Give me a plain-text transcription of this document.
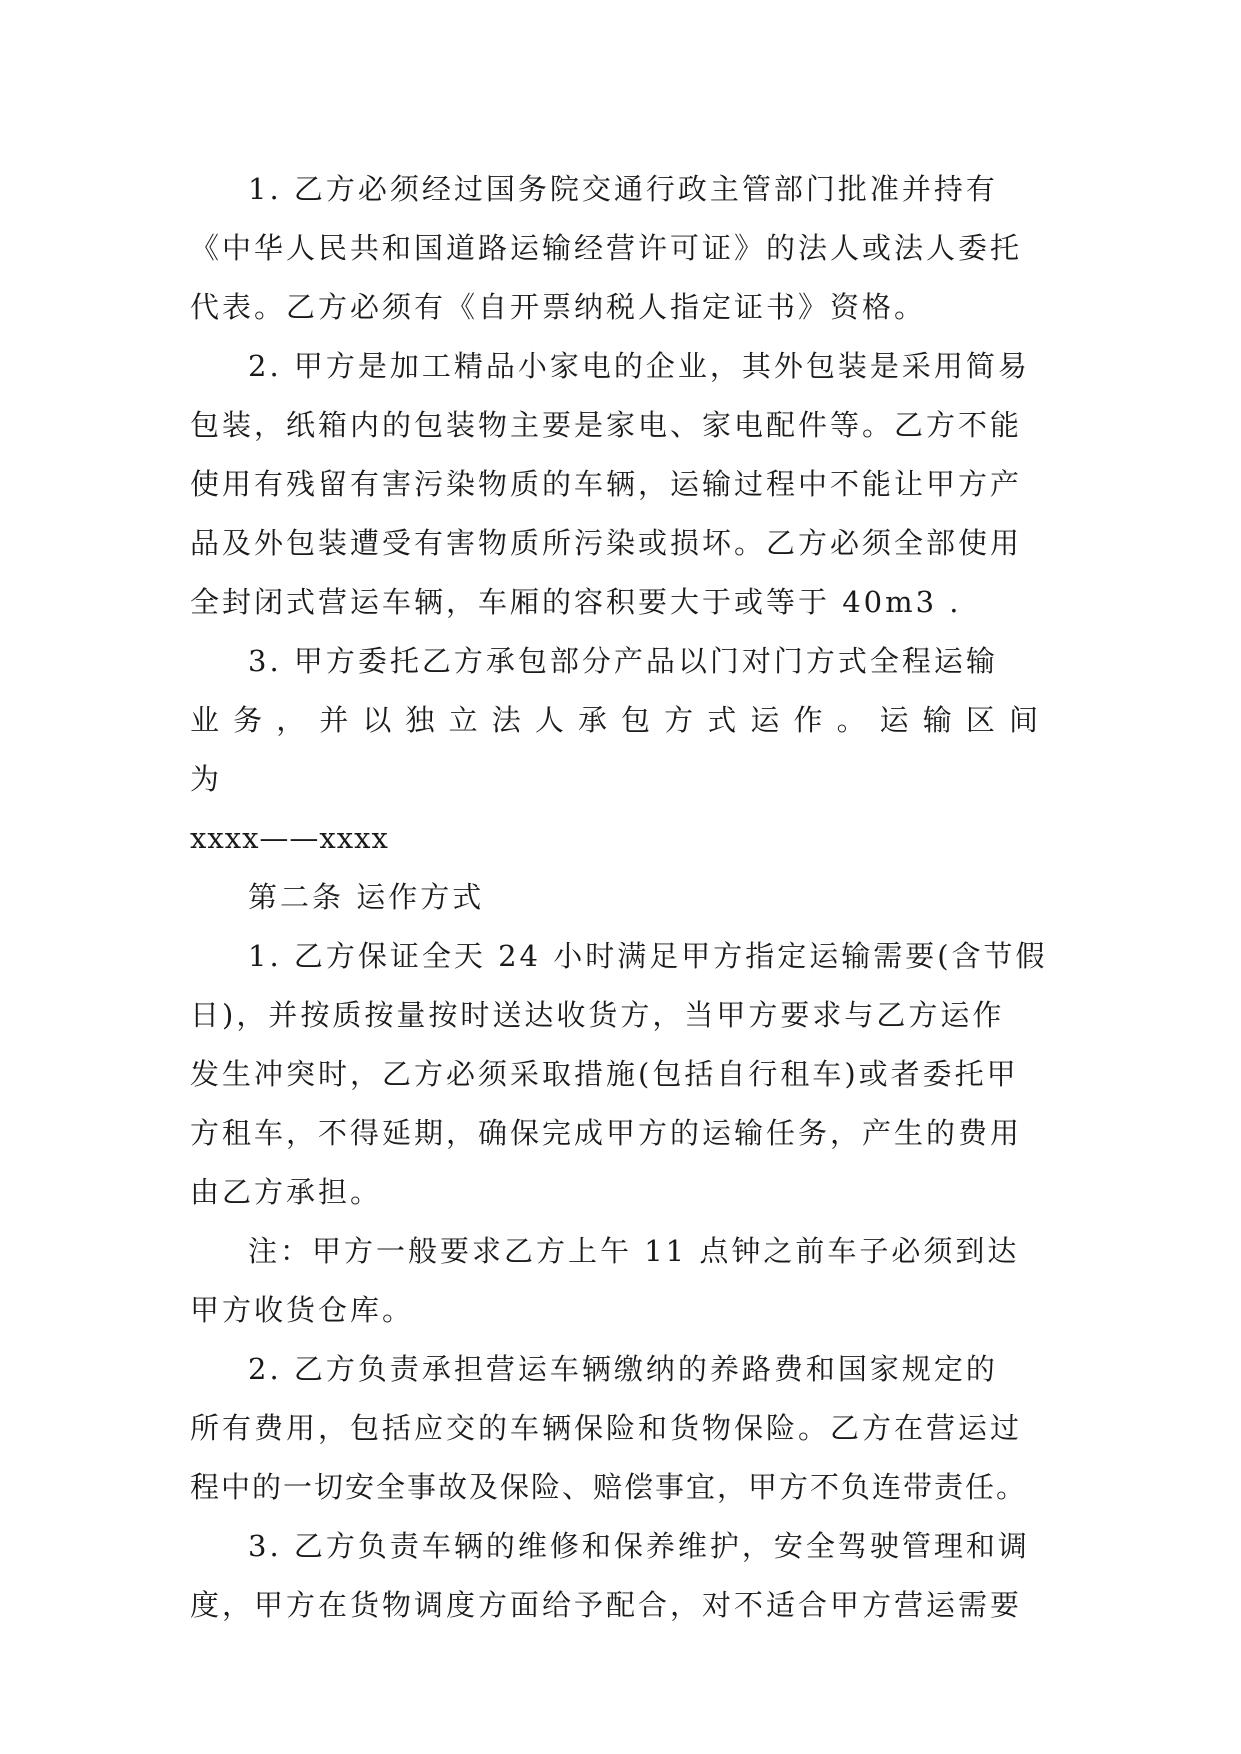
1. 乙方必须经过国务院交通行政主管部门批准并持有
《中华人民共和国道路运输经营许可证》的法人或法人委托
代表。乙方必须有《自开票纳税人指定证书》资格。

2. 甲方是加工精品小家电的企业，其外包装是采用简易
包装，纸箱内的包装物主要是家电、家电配件等。乙方不能
使用有残留有害污染物质的车辆，运输过程中不能让甲方产
品及外包装遭受有害物质所污染或损坏。乙方必须全部使用
全封闭式营运车辆，车厢的容积要大于或等于 40m3 .

3. 甲方委托乙方承包部分产品以门对门方式全程运输
业务，并以独立法人承包方式运作。运输区间为
xxxx——xxxx

第二条 运作方式

1. 乙方保证全天 24 小时满足甲方指定运输需要(含节假
日)，并按质按量按时送达收货方，当甲方要求与乙方运作
发生冲突时，乙方必须采取措施(包括自行租车)或者委托甲
方租车，不得延期，确保完成甲方的运输任务，产生的费用
由乙方承担。

注：甲方一般要求乙方上午 11 点钟之前车子必须到达
甲方收货仓库。

2. 乙方负责承担营运车辆缴纳的养路费和国家规定的
所有费用，包括应交的车辆保险和货物保险。乙方在营运过
程中的一切安全事故及保险、赔偿事宜，甲方不负连带责任。

3. 乙方负责车辆的维修和保养维护，安全驾驶管理和调
度，甲方在货物调度方面给予配合，对不适合甲方营运需要
